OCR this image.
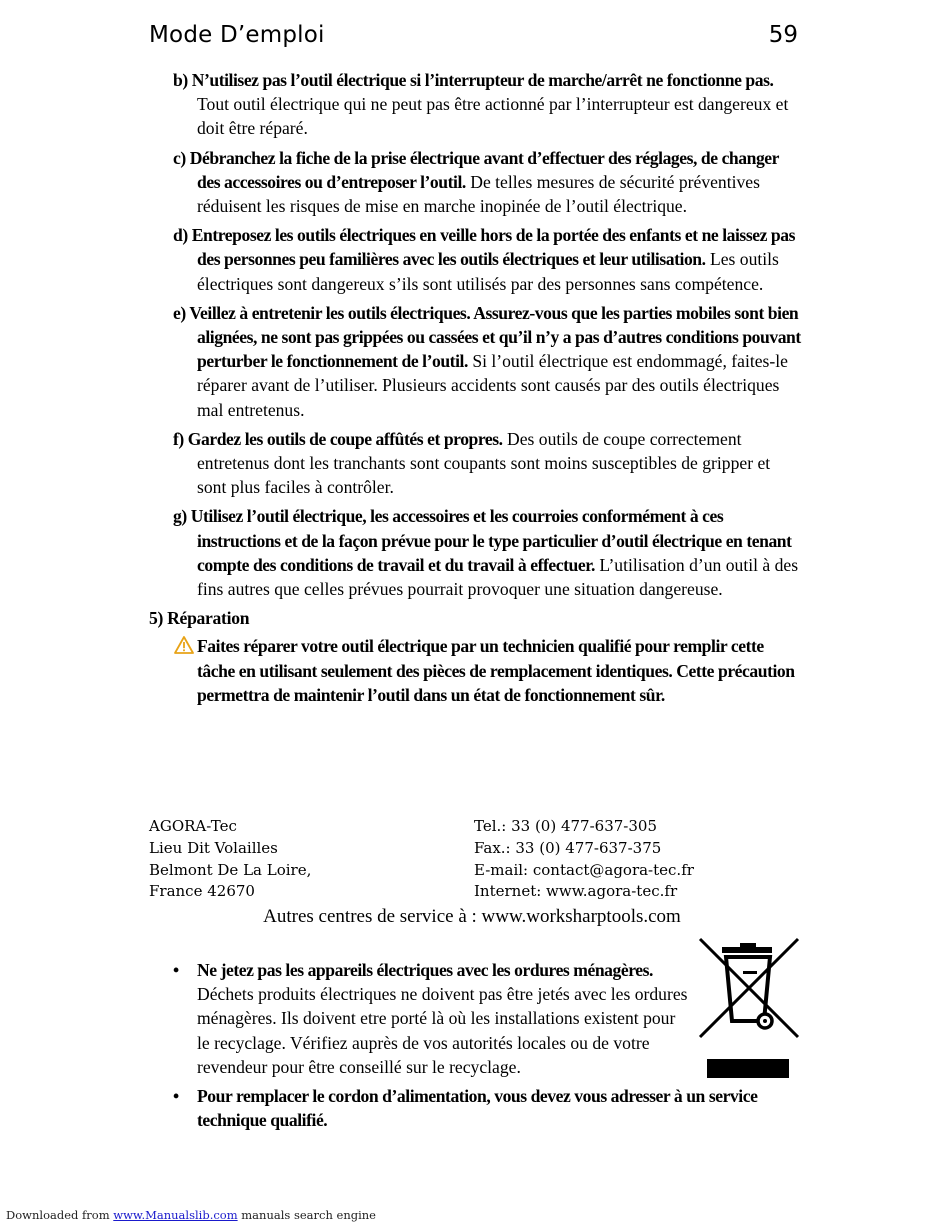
Mode D’emploi	59

b) N’utilisez pas l’outil électrique si l’interrupteur de marche/arrêt ne fonctionne pas. Tout outil électrique qui ne peut pas être actionné par l’interrupteur est dangereux et doit être réparé.

c) Débranchez la fiche de la prise électrique avant d’effectuer des réglages, de changer des accessoires ou d’entreposer l’outil. De telles mesures de sécurité préventives réduisent les risques de mise en marche inopinée de l’outil électrique.

d) Entreposez les outils électriques en veille hors de la portée des enfants et ne laissez pas des personnes peu familières avec les outils électriques et leur utilisation. Les outils électriques sont dangereux s’ils sont utilisés par des personnes sans compétence.

e) Veillez à entretenir les outils électriques. Assurez-vous que les parties mobiles sont bien alignées, ne sont pas grippées ou cassées et qu’il n’y a pas d’autres conditions pouvant perturber le fonctionnement de l’outil. Si l’outil électrique est endommagé, faites-le réparer avant de l’utiliser. Plusieurs accidents sont causés par des outils électriques mal entretenus.

f) Gardez les outils de coupe affûtés et propres. Des outils de coupe correctement entretenus dont les tranchants sont coupants sont moins susceptibles de gripper et sont plus faciles à contrôler.

g) Utilisez l’outil électrique, les accessoires et les courroies conformément à ces instructions et de la façon prévue pour le type particulier d’outil électrique en tenant compte des conditions de travail et du travail à effectuer. L’utilisation d’un outil à des fins autres que celles prévues pourrait provoquer une situation dangereuse.

5) Réparation
Faites réparer votre outil électrique par un technicien qualifié pour remplir cette tâche en utilisant seulement des pièces de remplacement identiques. Cette précaution permettra de maintenir l’outil dans un état de fonctionnement sûr.
AGORA-Tec
Lieu Dit Volailles
Belmont De La Loire,
France 42670
Tel.: 33 (0) 477-637-305
Fax.: 33 (0) 477-637-375
E-mail: contact@agora-tec.fr
Internet: www.agora-tec.fr
Autres centres de service à : www.worksharptools.com
• Ne jetez pas les appareils électriques avec les ordures ménagères. Déchets produits électriques ne doivent pas être jetés avec les ordures ménagères. Ils doivent etre porté là où les installations existent pour le recyclage. Vérifiez auprès de vos autorités locales ou de votre revendeur pour être conseillé sur le recyclage.
• Pour remplacer le cordon d’alimentation, vous devez vous adresser à un service technique qualifié.
Downloaded from www.Manualslib.com manuals search engine
